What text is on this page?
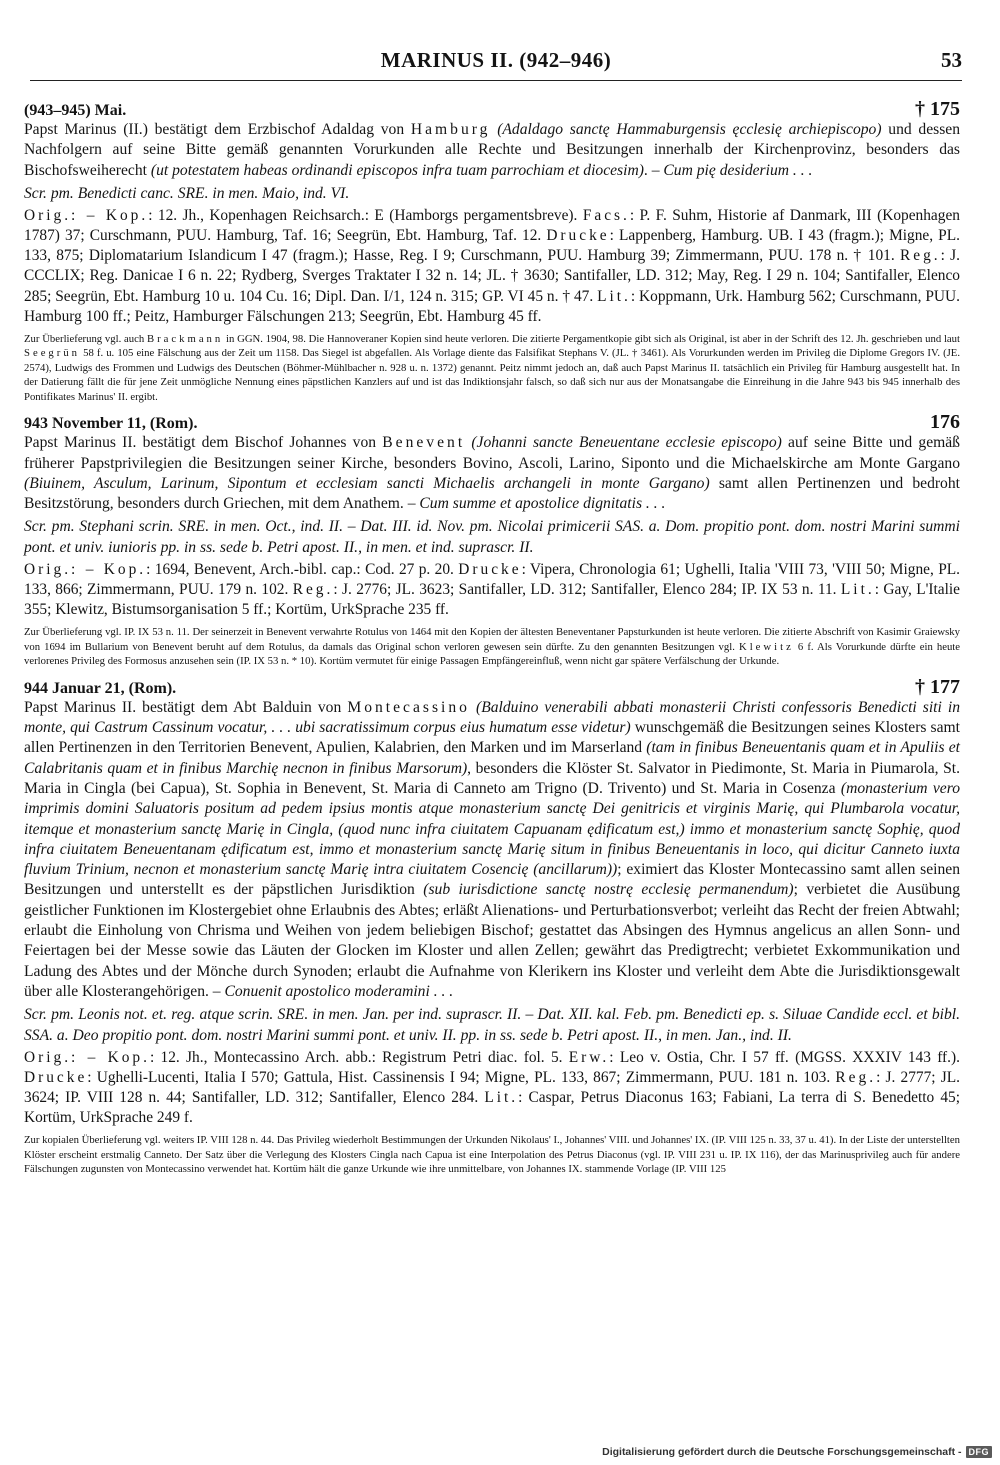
MARINUS II. (942–946)	53
(943–945) Mai.	† 175
Papst Marinus (II.) bestätigt dem Erzbischof Adaldag von Hamburg (Adaldago sanctę Hammaburgensis ęcclesię archiepiscopo) und dessen Nachfolgern auf seine Bitte gemäß genannten Vorurkunden alle Rechte und Besitzungen innerhalb der Kirchenprovinz, besonders das Bischofsweiherecht (ut potestatem habeas ordinandi episcopos infra tuam parrochiam et diocesim). – Cum pię desiderium . . .
Scr. pm. Benedicti canc. SRE. in men. Maio, ind. VI.
Orig.: – Kop.: 12. Jh., Kopenhagen Reichsarch.: E (Hamborgs pergamentsbreve). Facs.: P. F. Suhm, Historie af Danmark, III (Kopenhagen 1787) 37; Curschmann, PUU. Hamburg, Taf. 16; Seegrün, Ebt. Hamburg, Taf. 12. Drucke: Lappenberg, Hamburg. UB. I 43 (fragm.); Migne, PL. 133, 875; Diplomatarium Islandicum I 47 (fragm.); Hasse, Reg. I 9; Curschmann, PUU. Hamburg 39; Zimmermann, PUU. 178 n. † 101. Reg.: J. CCCLIX; Reg. Danicae I 6 n. 22; Rydberg, Sverges Traktater I 32 n. 14; JL. † 3630; Santifaller, LD. 312; May, Reg. I 29 n. 104; Santifaller, Elenco 285; Seegrün, Ebt. Hamburg 10 u. 104 Cu. 16; Dipl. Dan. I/1, 124 n. 315; GP. VI 45 n. † 47. Lit.: Koppmann, Urk. Hamburg 562; Curschmann, PUU. Hamburg 100 ff.; Peitz, Hamburger Fälschungen 213; Seegrün, Ebt. Hamburg 45 ff.
Zur Überlieferung vgl. auch Brackmann in GGN. 1904, 98. Die Hannoveraner Kopien sind heute verloren. Die zitierte Pergamentkopie gibt sich als Original, ist aber in der Schrift des 12. Jh. geschrieben und laut Seegrün 58 f. u. 105 eine Fälschung aus der Zeit um 1158. Das Siegel ist abgefallen. Als Vorlage diente das Falsifikat Stephans V. (JL. † 3461). Als Vorurkunden werden im Privileg die Diplome Gregors IV. (JE. 2574), Ludwigs des Frommen und Ludwigs des Deutschen (Böhmer-Mühlbacher n. 928 u. n. 1372) genannt. Peitz nimmt jedoch an, daß auch Papst Marinus II. tatsächlich ein Privileg für Hamburg ausgestellt hat. In der Datierung fällt die für jene Zeit unmögliche Nennung eines päpstlichen Kanzlers auf und ist das Indiktionsjahr falsch, so daß sich nur aus der Monatsangabe die Einreihung in die Jahre 943 bis 945 innerhalb des Pontifikates Marinus' II. ergibt.
943 November 11, (Rom).	176
Papst Marinus II. bestätigt dem Bischof Johannes von Benevent (Johanni sancte Beneuentane ecclesie episcopo) auf seine Bitte und gemäß früherer Papstprivilegien die Besitzungen seiner Kirche, besonders Bovino, Ascoli, Larino, Siponto und die Michaelskirche am Monte Gargano (Biuinem, Asculum, Larinum, Sipontum et ecclesiam sancti Michaelis archangeli in monte Gargano) samt allen Pertinenzen und bedroht Besitzstörung, besonders durch Griechen, mit dem Anathem. – Cum summe et apostolice dignitatis . . .
Scr. pm. Stephani scrin. SRE. in men. Oct., ind. II. – Dat. III. id. Nov. pm. Nicolai primicerii SAS. a. Dom. propitio pont. dom. nostri Marini summi pont. et univ. iunioris pp. in ss. sede b. Petri apost. II., in men. et ind. suprascr. II.
Orig.: – Kop.: 1694, Benevent, Arch.-bibl. cap.: Cod. 27 p. 20. Drucke: Vipera, Chronologia 61; Ughelli, Italia 'VIII 73, 'VIII 50; Migne, PL. 133, 866; Zimmermann, PUU. 179 n. 102. Reg.: J. 2776; JL. 3623; Santifaller, LD. 312; Santifaller, Elenco 284; IP. IX 53 n. 11. Lit.: Gay, L'Italie 355; Klewitz, Bistumsorganisation 5 ff.; Kortüm, UrkSprache 235 ff.
Zur Überlieferung vgl. IP. IX 53 n. 11. Der seinerzeit in Benevent verwahrte Rotulus von 1464 mit den Kopien der ältesten Beneventaner Papsturkunden ist heute verloren. Die zitierte Abschrift von Kasimir Graiewsky von 1694 im Bullarium von Benevent beruht auf dem Rotulus, da damals das Original schon verloren gewesen sein dürfte. Zu den genannten Besitzungen vgl. Klewitz 6 f. Als Vorurkunde dürfte ein heute verlorenes Privileg des Formosus anzusehen sein (IP. IX 53 n. * 10). Kortüm vermutet für einige Passagen Empfängereinfluß, wenn nicht gar spätere Verfälschung der Urkunde.
944 Januar 21, (Rom).	† 177
Papst Marinus II. bestätigt dem Abt Balduin von Montecassino (Balduino venerabili abbati monasterii Christi confessoris Benedicti siti in monte, qui Castrum Cassinum vocatur, . . . ubi sacratissimum corpus eius humatum esse videtur) wunschgemäß die Besitzungen seines Klosters samt allen Pertinenzen in den Territorien Benevent, Apulien, Kalabrien, den Marken und im Marserland (tam in finibus Beneuentanis quam et in Apuliis et Calabritanis quam et in finibus Marchię necnon in finibus Marsorum), besonders die Klöster St. Salvator in Piedimonte, St. Maria in Piumarola, St. Maria in Cingla (bei Capua), St. Sophia in Benevent, St. Maria di Canneto am Trigno (D. Trivento) und St. Maria in Cosenza (monasterium vero imprimis domini Saluatoris positum ad pedem ipsius montis atque monasterium sanctę Dei genitricis et virginis Marię, qui Plumbarola vocatur, itemque et monasterium sanctę Marię in Cingla, (quod nunc infra ciuitatem Capuanam ędificatum est,) immo et monasterium sanctę Sophię, quod infra ciuitatem Beneuentanam ędificatum est, immo et monasterium sanctę Marię situm in finibus Beneuentanis in loco, qui dicitur Canneto iuxta fluvium Trinium, necnon et monasterium sanctę Marię intra ciuitatem Cosencię (ancillarum)); eximiert das Kloster Montecassino samt allen seinen Besitzungen und unterstellt es der päpstlichen Jurisdiktion (sub iurisdictione sanctę nostrę ecclesię permanendum); verbietet die Ausübung geistlicher Funktionen im Klostergebiet ohne Erlaubnis des Abtes; erläßt Alienations- und Perturbationsverbot; verleiht das Recht der freien Abtwahl; erlaubt die Einholung von Chrisma und Weihen von jedem beliebigen Bischof; gestattet das Absingen des Hymnus angelicus an allen Sonn- und Feiertagen bei der Messe sowie das Läuten der Glocken im Kloster und allen Zellen; gewährt das Predigtrecht; verbietet Exkommunikation und Ladung des Abtes und der Mönche durch Synoden; erlaubt die Aufnahme von Klerikern ins Kloster und verleiht dem Abte die Jurisdiktionsgewalt über alle Klosterangehörigen. – Conuenit apostolico moderamini . . .
Scr. pm. Leonis not. et. reg. atque scrin. SRE. in men. Jan. per ind. suprascr. II. – Dat. XII. kal. Feb. pm. Benedicti ep. s. Siluae Candide eccl. et bibl. SSA. a. Deo propitio pont. dom. nostri Marini summi pont. et univ. II. pp. in ss. sede b. Petri apost. II., in men. Jan., ind. II.
Orig.: – Kop.: 12. Jh., Montecassino Arch. abb.: Registrum Petri diac. fol. 5. Erw.: Leo v. Ostia, Chr. I 57 ff. (MGSS. XXXIV 143 ff.). Drucke: Ughelli-Lucenti, Italia I 570; Gattula, Hist. Cassinensis I 94; Migne, PL. 133, 867; Zimmermann, PUU. 181 n. 103. Reg.: J. 2777; JL. 3624; IP. VIII 128 n. 44; Santifaller, LD. 312; Santifaller, Elenco 284. Lit.: Caspar, Petrus Diaconus 163; Fabiani, La terra di S. Benedetto 45; Kortüm, UrkSprache 249 f.
Zur kopialen Überlieferung vgl. weiters IP. VIII 128 n. 44. Das Privileg wiederholt Bestimmungen der Urkunden Nikolaus' I., Johannes' VIII. und Johannes' IX. (IP. VIII 125 n. 33, 37 u. 41). In der Liste der unterstellten Klöster erscheint erstmalig Canneto. Der Satz über die Verlegung des Klosters Cingla nach Capua ist eine Interpolation des Petrus Diaconus (vgl. IP. VIII 231 u. IP. IX 116), der das Marinusprivileg auch für andere Fälschungen zugunsten von Montecassino verwendet hat. Kortüm hält die ganze Urkunde wie ihre unmittelbare, von Johannes IX. stammende Vorlage (IP. VIII 125
Digitalisierung gefördert durch die Deutsche Forschungsgemeinschaft - DFG
